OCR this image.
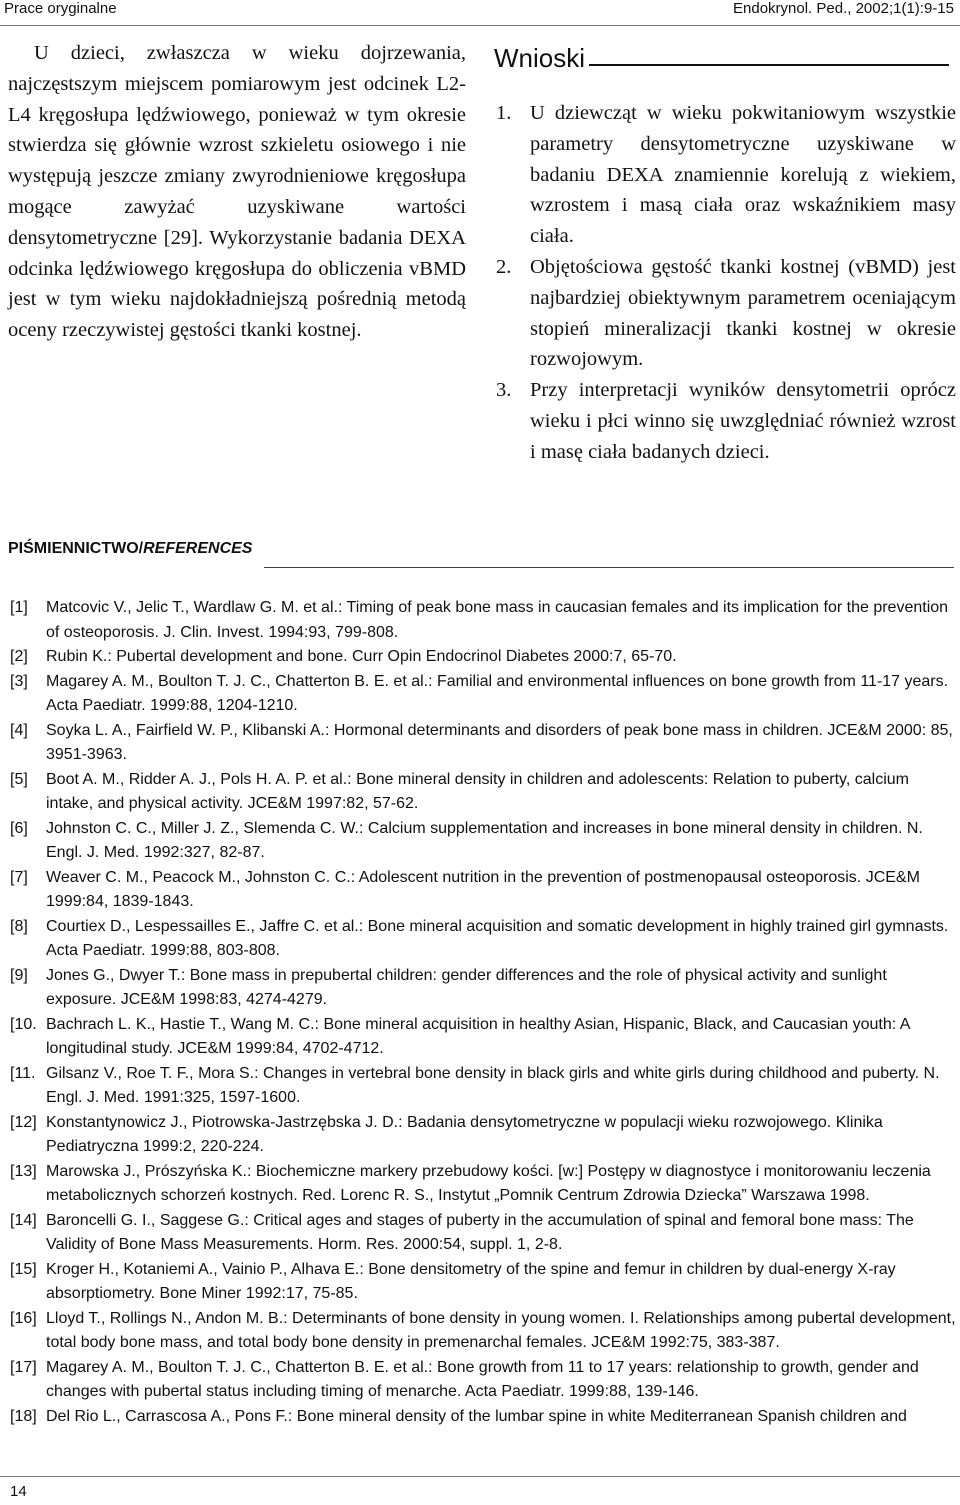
Prace oryginalne	Endokrynol. Ped., 2002;1(1):9-15
U dzieci, zwłaszcza w wieku dojrzewania, najczęstszym miejscem pomiarowym jest odcinek L2-L4 kręgosłupa lędźwiowego, ponieważ w tym okresie stwierdza się głównie wzrost szkieletu osiowego i nie występują jeszcze zmiany zwyrodnieniowe kręgosłupa mogące zawyżać uzyskiwane wartości densytometryczne [29]. Wykorzystanie badania DEXA odcinka lędźwiowego kręgosłupa do obliczenia vBMD jest w tym wieku najdokładniejszą pośrednią metodą oceny rzeczywistej gęstości tkanki kostnej.
Wnioski
1. U dziewcząt w wieku pokwitaniowym wszystkie parametry densytometryczne uzyskiwane w badaniu DEXA znamiennie korelują z wiekiem, wzrostem i masą ciała oraz wskaźnikiem masy ciała.
2. Objętościowa gęstość tkanki kostnej (vBMD) jest najbardziej obiektywnym parametrem oceniającym stopień mineralizacji tkanki kostnej w okresie rozwojowym.
3. Przy interpretacji wyników densytometrii oprócz wieku i płci winno się uwzględniać również wzrost i masę ciała badanych dzieci.
PIŚMIENNICTWO/REFERENCES
[1] Matcovic V., Jelic T., Wardlaw G. M. et al.: Timing of peak bone mass in caucasian females and its implication for the prevention of osteoporosis. J. Clin. Invest. 1994:93, 799-808.
[2] Rubin K.: Pubertal development and bone. Curr Opin Endocrinol Diabetes 2000:7, 65-70.
[3] Magarey A. M., Boulton T. J. C., Chatterton B. E. et al.: Familial and environmental influences on bone growth from 11-17 years. Acta Paediatr. 1999:88, 1204-1210.
[4] Soyka L. A., Fairfield W. P., Klibanski A.: Hormonal determinants and disorders of peak bone mass in children. JCE&M 2000: 85, 3951-3963.
[5] Boot A. M., Ridder A. J., Pols H. A. P. et al.: Bone mineral density in children and adolescents: Relation to puberty, calcium intake, and physical activity. JCE&M 1997:82, 57-62.
[6] Johnston C. C., Miller J. Z., Slemenda C. W.: Calcium supplementation and increases in bone mineral density in children. N. Engl. J. Med. 1992:327, 82-87.
[7] Weaver C. M., Peacock M., Johnston C. C.: Adolescent nutrition in the prevention of postmenopausal osteoporosis. JCE&M 1999:84, 1839-1843.
[8] Courtiex D., Lespessailles E., Jaffre C. et al.: Bone mineral acquisition and somatic development in highly trained girl gymnasts. Acta Paediatr. 1999:88, 803-808.
[9] Jones G., Dwyer T.: Bone mass in prepubertal children: gender differences and the role of physical activity and sunlight exposure. JCE&M 1998:83, 4274-4279.
[10. Bachrach L. K., Hastie T., Wang M. C.: Bone mineral acquisition in healthy Asian, Hispanic, Black, and Caucasian youth: A longitudinal study. JCE&M 1999:84, 4702-4712.
[11. Gilsanz V., Roe T. F., Mora S.: Changes in vertebral bone density in black girls and white girls during childhood and puberty. N. Engl. J. Med. 1991:325, 1597-1600.
[12] Konstantynowicz J., Piotrowska-Jastrzębska J. D.: Badania densytometryczne w populacji wieku rozwojowego. Klinika Pediatryczna 1999:2, 220-224.
[13] Marowska J., Prószyńska K.: Biochemiczne markery przebudowy kości. [w:] Postępy w diagnostyce i monitorowaniu leczenia metabolicznych schorzeń kostnych. Red. Lorenc R. S., Instytut „Pomnik Centrum Zdrowia Dziecka” Warszawa 1998.
[14] Baroncelli G. I., Saggese G.: Critical ages and stages of puberty in the accumulation of spinal and femoral bone mass: The Validity of Bone Mass Measurements. Horm. Res. 2000:54, suppl. 1, 2-8.
[15] Kroger H., Kotaniemi A., Vainio P., Alhava E.: Bone densitometry of the spine and femur in children by dual-energy X-ray absorptiometry. Bone Miner 1992:17, 75-85.
[16] Lloyd T., Rollings N., Andon M. B.: Determinants of bone density in young women. I. Relationships among pubertal development, total body bone mass, and total body bone density in premenarchal females. JCE&M 1992:75, 383-387.
[17] Magarey A. M., Boulton T. J. C., Chatterton B. E. et al.: Bone growth from 11 to 17 years: relationship to growth, gender and changes with pubertal status including timing of menarche. Acta Paediatr. 1999:88, 139-146.
[18] Del Rio L., Carrascosa A., Pons F.: Bone mineral density of the lumbar spine in white Mediterranean Spanish children and
14
